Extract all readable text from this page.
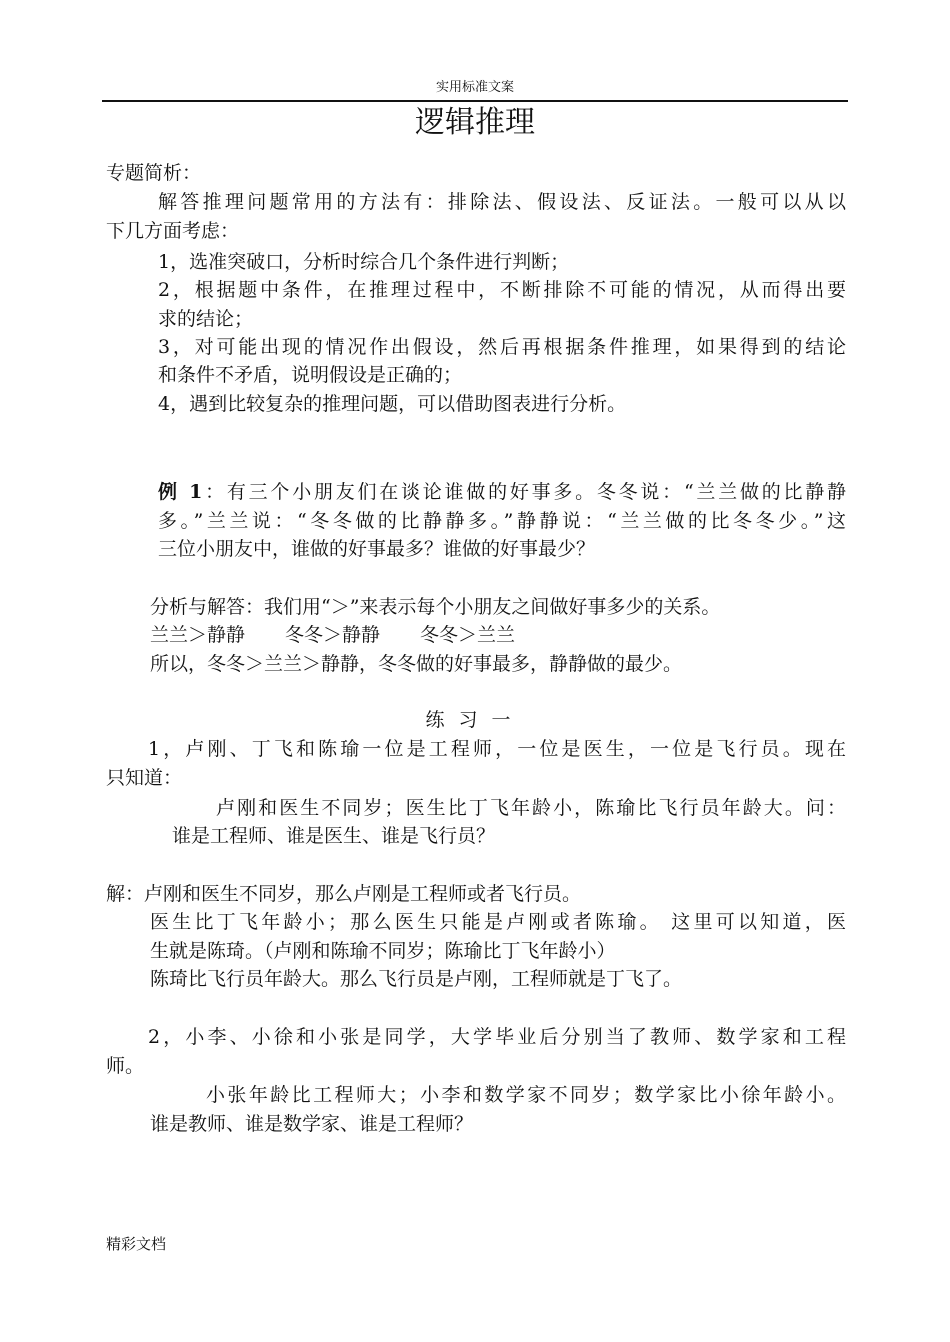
实用标准文案
逻辑推理
专题简析：
解答推理问题常用的方法有：排除法、假设法、反证法。一般可以从以
下几方面考虑：
1，选准突破口，分析时综合几个条件进行判断；
2，根据题中条件，在推理过程中，不断排除不可能的情况，从而得出要
求的结论；
3，对可能出现的情况作出假设，然后再根据条件推理，如果得到的结论
和条件不矛盾，说明假设是正确的；
4，遇到比较复杂的推理问题，可以借助图表进行分析。
例 1：有三个小朋友们在谈论谁做的好事多。冬冬说：“兰兰做的比静静
多。”兰兰说：“冬冬做的比静静多。”静静说：“兰兰做的比冬冬少。”这
三位小朋友中，谁做的好事最多？谁做的好事最少？
分析与解答：我们用“＞”来表示每个小朋友之间做好事多少的关系。
兰兰＞静静 冬冬＞静静 冬冬＞兰兰
所以，冬冬＞兰兰＞静静，冬冬做的好事最多，静静做的最少。
练习一
1，卢刚、丁飞和陈瑜一位是工程师，一位是医生，一位是飞行员。现在
只知道：
卢刚和医生不同岁；医生比丁飞年龄小，陈瑜比飞行员年龄大。问：
谁是工程师、谁是医生、谁是飞行员？
解：卢刚和医生不同岁，那么卢刚是工程师或者飞行员。
医生比丁飞年龄小；那么医生只能是卢刚或者陈瑜。 这里可以知道，医
生就是陈琦。（卢刚和陈瑜不同岁；陈瑜比丁飞年龄小）
陈琦比飞行员年龄大。那么飞行员是卢刚，工程师就是丁飞了。
2，小李、小徐和小张是同学，大学毕业后分别当了教师、数学家和工程
师。
小张年龄比工程师大；小李和数学家不同岁；数学家比小徐年龄小。
谁是教师、谁是数学家、谁是工程师？
精彩文档
